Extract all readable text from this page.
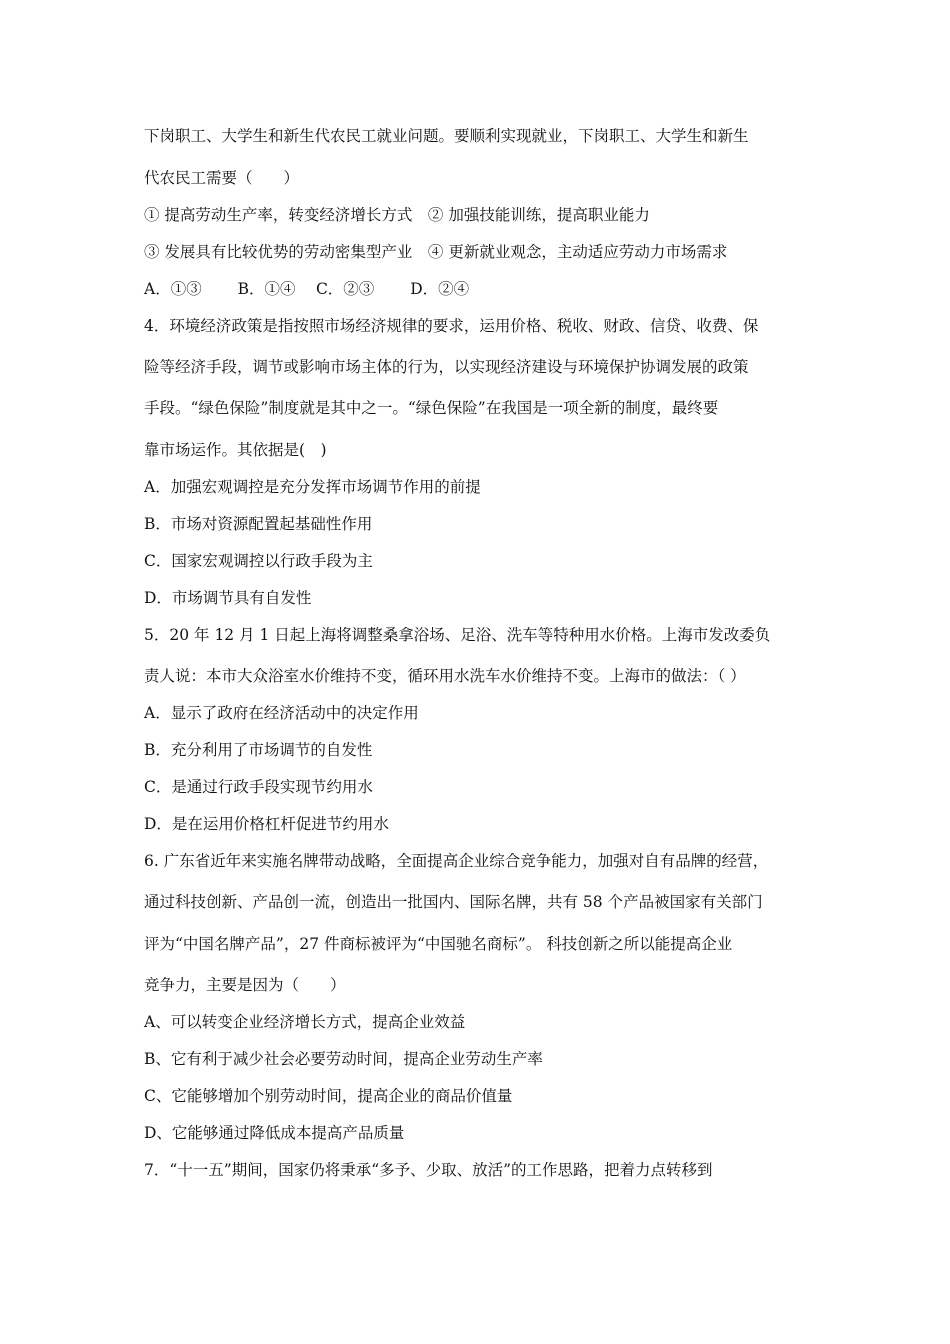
下岗职工、大学生和新生代农民工就业问题。要顺利实现就业，下岗职工、大学生和新生

代农民工需要（　　）

① 提高劳动生产率，转变经济增长方式　② 加强技能训练，提高职业能力

③ 发展具有比较优势的劳动密集型产业　④ 更新就业观念，主动适应劳动力市场需求

A．①③　　 B．①④　 C．②③　　 D．②④

4．环境经济政策是指按照市场经济规律的要求，运用价格、税收、财政、信贷、收费、保

险等经济手段，调节或影响市场主体的行为，以实现经济建设与环境保护协调发展的政策

手段。“绿色保险”制度就是其中之一。“绿色保险”在我国是一项全新的制度，最终要

靠市场运作。其依据是(　)

A．加强宏观调控是充分发挥市场调节作用的前提

B．市场对资源配置起基础性作用

C．国家宏观调控以行政手段为主

D．市场调节具有自发性

5．20 年 12 月 1 日起上海将调整桑拿浴场、足浴、洗车等特种用水价格。上海市发改委负

责人说：本市大众浴室水价维持不变，循环用水洗车水价维持不变。上海市的做法：（ ）

A．显示了政府在经济活动中的决定作用

B．充分利用了市场调节的自发性

C．是通过行政手段实现节约用水

D．是在运用价格杠杆促进节约用水

6. 广东省近年来实施名牌带动战略，全面提高企业综合竞争能力，加强对自有品牌的经营，

通过科技创新、产品创一流，创造出一批国内、国际名牌，共有 58 个产品被国家有关部门

评为“中国名牌产品”，27 件商标被评为“中国驰名商标”。 科技创新之所以能提高企业

竞争力，主要是因为（　　）

A、可以转变企业经济增长方式，提高企业效益

B、它有利于减少社会必要劳动时间，提高企业劳动生产率

C、它能够增加个别劳动时间，提高企业的商品价值量

D、它能够通过降低成本提高产品质量

7．“十一五”期间，国家仍将秉承“多予、少取、放活”的工作思路，把着力点转移到
